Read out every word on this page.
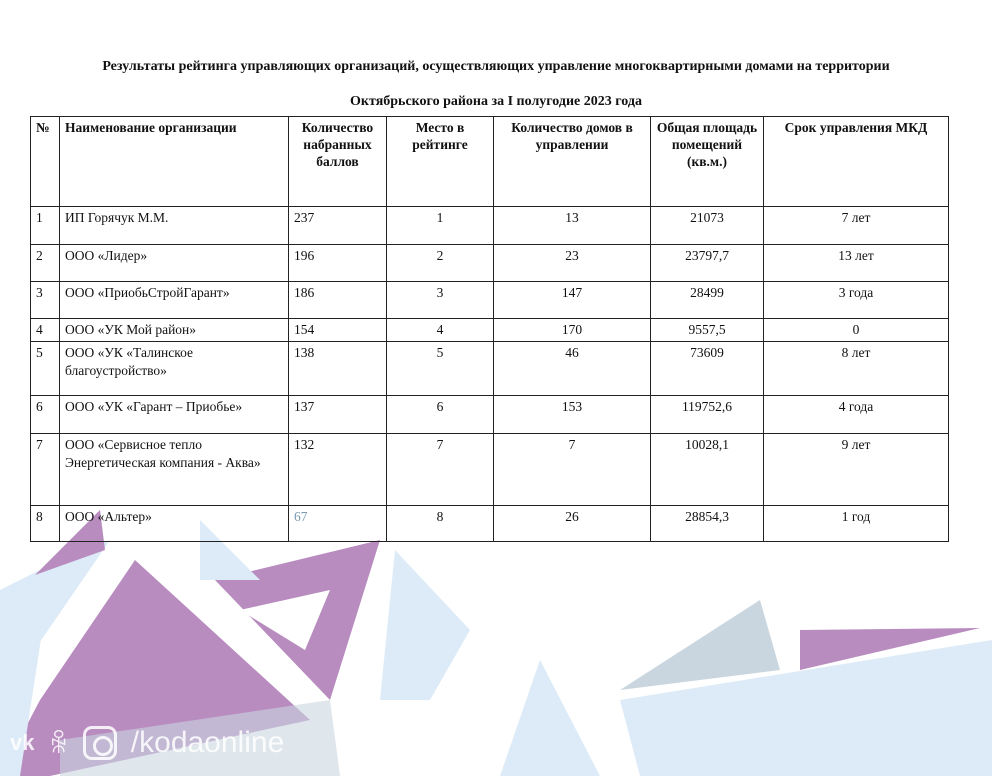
Результаты рейтинга управляющих организаций, осуществляющих управление многоквартирными домами на территории
Октябрьского района за I полугодие 2023 года
№	Наименование организации	Количество набранных баллов	Место в рейтинге	Количество домов в управлении	Общая площадь помещений (кв.м.)	Срок управления МКД
1	ИП Горячук М.М.	237	1	13	21073	7 лет
2	ООО «Лидер»	196	2	23	23797,7	13 лет
3	ООО «ПриобьСтройГарант»	186	3	147	28499	3 года
4	ООО «УК Мой район»	154	4	170	9557,5	0
5	ООО «УК «Талинское благоустройство»	138	5	46	73609	8 лет
6	ООО «УК «Гарант – Приобье»	137	6	153	119752,6	4 года
7	ООО «Сервисное тепло Энергетическая компания - Аква»	132	7	7	10028,1	9 лет
8	ООО «Альтер»	67	8	26	28854,3	1 год
vk ꆜ /kodaonline
